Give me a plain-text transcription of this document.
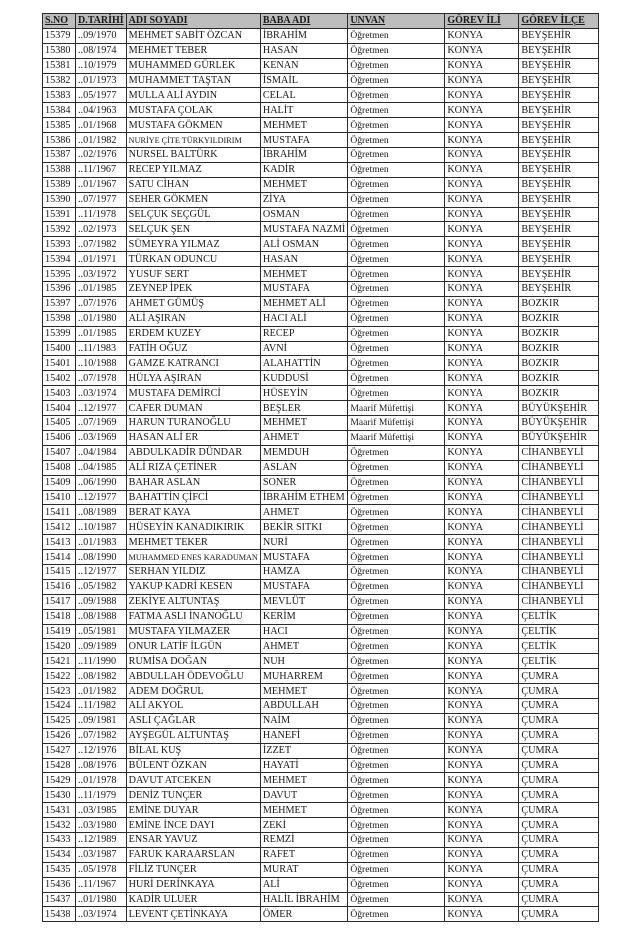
S.NO	D.TARİHİ	ADI SOYADI	BABA ADI	UNVAN	GÖREV İLİ	GÖREV İLÇE
15379	..09/1970	MEHMET SABİT ÖZCAN	İBRAHİM	Öğretmen	KONYA	BEYŞEHİR
15380	..08/1974	MEHMET TEBER	HASAN	Öğretmen	KONYA	BEYŞEHİR
15381	..10/1979	MUHAMMED GÜRLEK	KENAN	Öğretmen	KONYA	BEYŞEHİR
15382	..01/1973	MUHAMMET TAŞTAN	İSMAİL	Öğretmen	KONYA	BEYŞEHİR
15383	..05/1977	MULLA ALİ AYDIN	CELAL	Öğretmen	KONYA	BEYŞEHİR
15384	..04/1963	MUSTAFA ÇOLAK	HALİT	Öğretmen	KONYA	BEYŞEHİR
15385	..01/1968	MUSTAFA GÖKMEN	MEHMET	Öğretmen	KONYA	BEYŞEHİR
15386	..01/1982	NURİYE ÇİTE TÜRKYILDIRIM	MUSTAFA	Öğretmen	KONYA	BEYŞEHİR
15387	..02/1976	NURSEL BALTÜRK	İBRAHİM	Öğretmen	KONYA	BEYŞEHİR
15388	..11/1967	RECEP YILMAZ	KADİR	Öğretmen	KONYA	BEYŞEHİR
15389	..01/1967	SATU CİHAN	MEHMET	Öğretmen	KONYA	BEYŞEHİR
15390	..07/1977	SEHER GÖKMEN	ZİYA	Öğretmen	KONYA	BEYŞEHİR
15391	..11/1978	SELÇUK SEÇGÜL	OSMAN	Öğretmen	KONYA	BEYŞEHİR
15392	..02/1973	SELÇUK ŞEN	MUSTAFA NAZMİ	Öğretmen	KONYA	BEYŞEHİR
15393	..07/1982	SÜMEYRA YILMAZ	ALİ OSMAN	Öğretmen	KONYA	BEYŞEHİR
15394	..01/1971	TÜRKAN ODUNCU	HASAN	Öğretmen	KONYA	BEYŞEHİR
15395	..03/1972	YUSUF SERT	MEHMET	Öğretmen	KONYA	BEYŞEHİR
15396	..01/1985	ZEYNEP İPEK	MUSTAFA	Öğretmen	KONYA	BEYŞEHİR
15397	..07/1976	AHMET GÜMÜŞ	MEHMET ALİ	Öğretmen	KONYA	BOZKIR
15398	..01/1980	ALİ AŞIRAN	HACI ALİ	Öğretmen	KONYA	BOZKIR
15399	..01/1985	ERDEM KUZEY	RECEP	Öğretmen	KONYA	BOZKIR
15400	..11/1983	FATİH OĞUZ	AVNİ	Öğretmen	KONYA	BOZKIR
15401	..10/1988	GAMZE KATRANCI	ALAHATTİN	Öğretmen	KONYA	BOZKIR
15402	..07/1978	HÜLYA AŞIRAN	KUDDUSİ	Öğretmen	KONYA	BOZKIR
15403	..03/1974	MUSTAFA DEMİRCİ	HÜSEYİN	Öğretmen	KONYA	BOZKIR
15404	..12/1977	CAFER DUMAN	BEŞLER	Maarif Müfettişi	KONYA	BÜYÜKŞEHİR
15405	..07/1969	HARUN TURANOĞLU	MEHMET	Maarif Müfettişi	KONYA	BÜYÜKŞEHİR
15406	..03/1969	HASAN ALİ ER	AHMET	Maarif Müfettişi	KONYA	BÜYÜKŞEHİR
15407	..04/1984	ABDULKADİR DÜNDAR	MEMDUH	Öğretmen	KONYA	CİHANBEYLİ
15408	..04/1985	ALİ RIZA ÇETİNER	ASLAN	Öğretmen	KONYA	CİHANBEYLİ
15409	..06/1990	BAHAR ASLAN	SONER	Öğretmen	KONYA	CİHANBEYLİ
15410	..12/1977	BAHATTİN ÇİFCİ	İBRAHİM ETHEM	Öğretmen	KONYA	CİHANBEYLİ
15411	..08/1989	BERAT KAYA	AHMET	Öğretmen	KONYA	CİHANBEYLİ
15412	..10/1987	HÜSEYİN KANADIKIRIK	BEKİR SITKI	Öğretmen	KONYA	CİHANBEYLİ
15413	..01/1983	MEHMET TEKER	NURİ	Öğretmen	KONYA	CİHANBEYLİ
15414	..08/1990	MUHAMMED ENES KARADUMAN	MUSTAFA	Öğretmen	KONYA	CİHANBEYLİ
15415	..12/1977	SERHAN YILDIZ	HAMZA	Öğretmen	KONYA	CİHANBEYLİ
15416	..05/1982	YAKUP KADRİ KESEN	MUSTAFA	Öğretmen	KONYA	CİHANBEYLİ
15417	..09/1988	ZEKİYE ALTUNTAŞ	MEVLÜT	Öğretmen	KONYA	CİHANBEYLİ
15418	..08/1988	FATMA ASLI İNANOĞLU	KERİM	Öğretmen	KONYA	ÇELTİK
15419	..05/1981	MUSTAFA YILMAZER	HACI	Öğretmen	KONYA	ÇELTİK
15420	..09/1989	ONUR LATİF İLGÜN	AHMET	Öğretmen	KONYA	ÇELTİK
15421	..11/1990	RUMİSA DOĞAN	NUH	Öğretmen	KONYA	ÇELTİK
15422	..08/1982	ABDULLAH ÖDEVOĞLU	MUHARREM	Öğretmen	KONYA	ÇUMRA
15423	..01/1982	ADEM DOĞRUL	MEHMET	Öğretmen	KONYA	ÇUMRA
15424	..11/1982	ALİ AKYOL	ABDULLAH	Öğretmen	KONYA	ÇUMRA
15425	..09/1981	ASLI ÇAĞLAR	NAİM	Öğretmen	KONYA	ÇUMRA
15426	..07/1982	AYŞEGÜL ALTUNTAŞ	HANEFİ	Öğretmen	KONYA	ÇUMRA
15427	..12/1976	BİLAL KUŞ	İZZET	Öğretmen	KONYA	ÇUMRA
15428	..08/1976	BÜLENT ÖZKAN	HAYATİ	Öğretmen	KONYA	ÇUMRA
15429	..01/1978	DAVUT ATCEKEN	MEHMET	Öğretmen	KONYA	ÇUMRA
15430	..11/1979	DENİZ TUNÇER	DAVUT	Öğretmen	KONYA	ÇUMRA
15431	..03/1985	EMİNE DUYAR	MEHMET	Öğretmen	KONYA	ÇUMRA
15432	..03/1980	EMİNE İNCE DAYI	ZEKİ	Öğretmen	KONYA	ÇUMRA
15433	..12/1989	ENSAR YAVUZ	REMZİ	Öğretmen	KONYA	ÇUMRA
15434	..03/1987	FARUK KARAARSLAN	RAFET	Öğretmen	KONYA	ÇUMRA
15435	..05/1978	FİLİZ TUNÇER	MURAT	Öğretmen	KONYA	ÇUMRA
15436	..11/1967	HURİ DERİNKAYA	ALİ	Öğretmen	KONYA	ÇUMRA
15437	..01/1980	KADİR ULUER	HALİL İBRAHİM	Öğretmen	KONYA	ÇUMRA
15438	..03/1974	LEVENT ÇETİNKAYA	ÖMER	Öğretmen	KONYA	ÇUMRA
